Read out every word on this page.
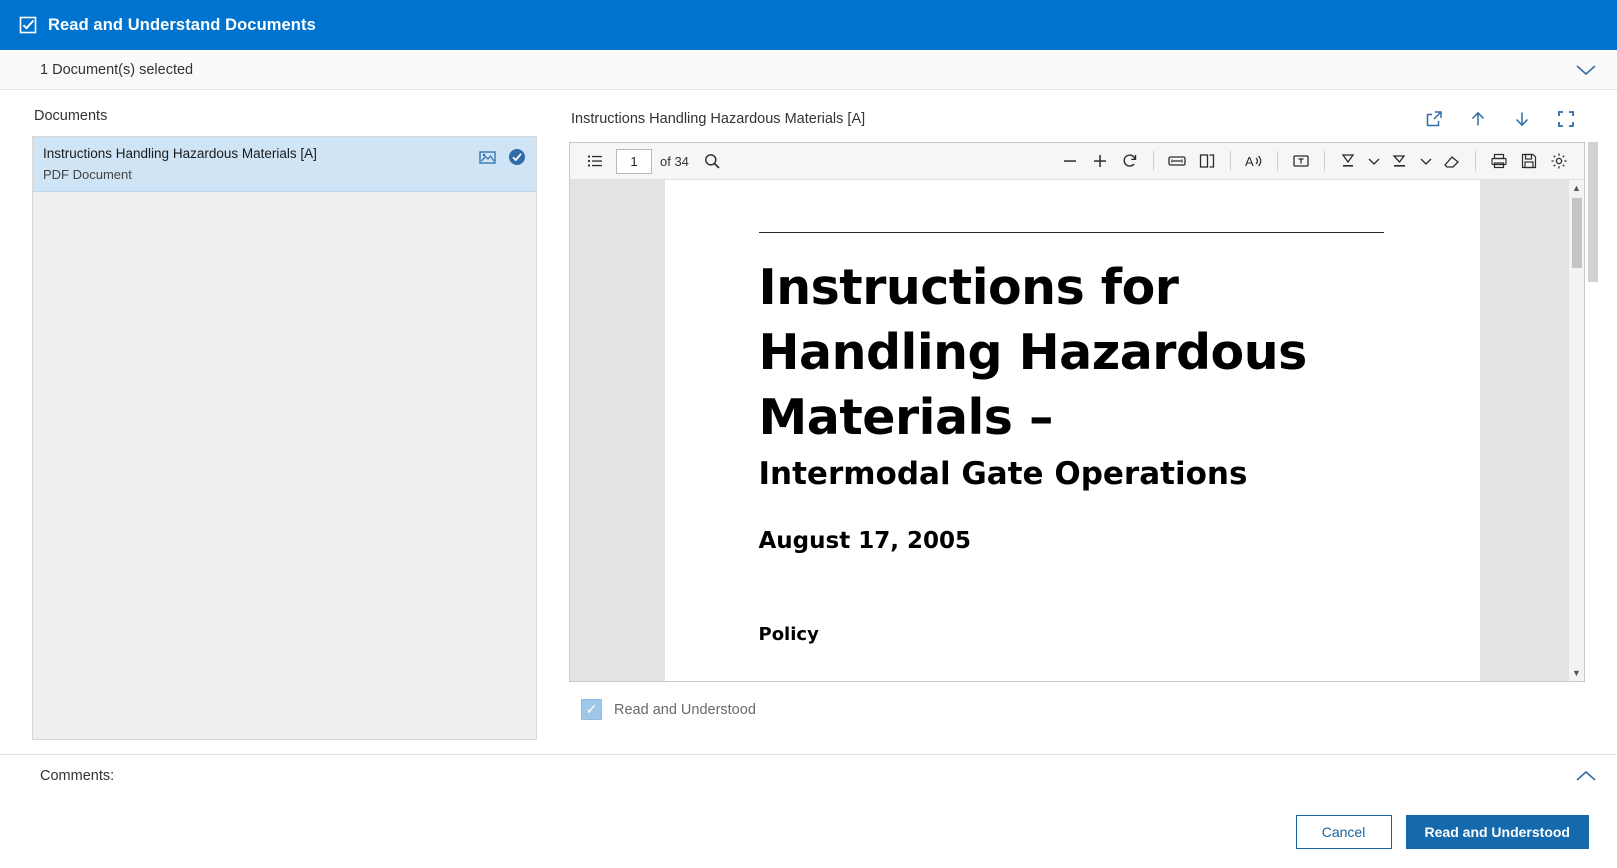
Read and Understand Documents
1 Document(s) selected
Documents
Instructions Handling Hazardous Materials [A]
PDF Document
Instructions Handling Hazardous Materials [A]
1	of 34	A
Instructions for
Handling Hazardous
Materials –
Intermodal Gate Operations
August 17, 2005
Policy
▲
▼
✓	Read and Understood
Comments:
Cancel	Read and Understood
